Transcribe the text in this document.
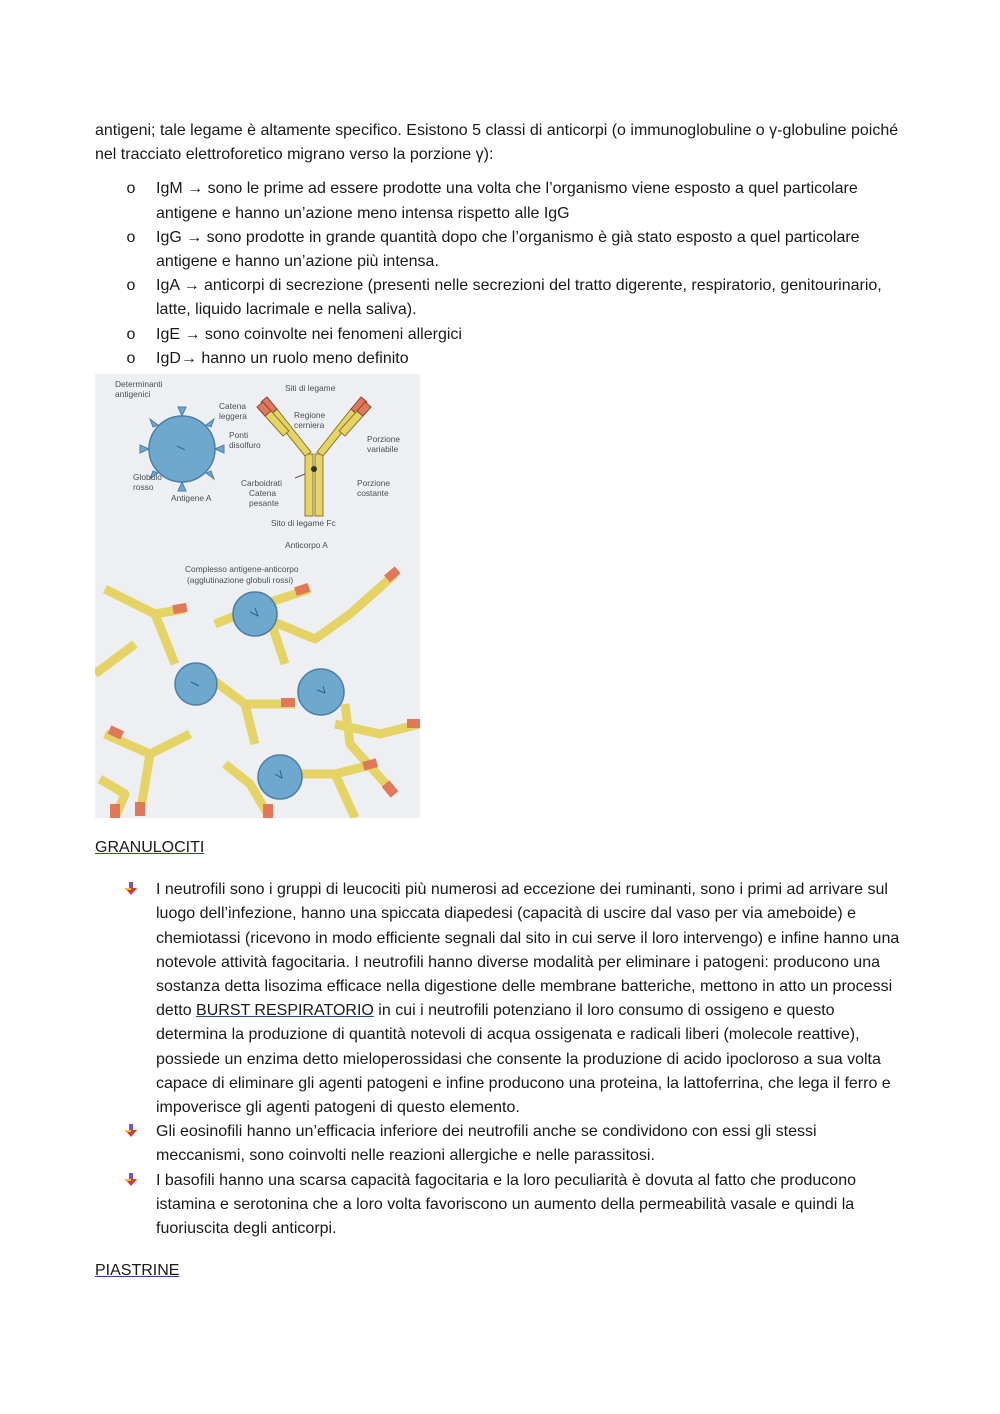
antigeni; tale legame è altamente specifico. Esistono 5 classi di anticorpi (o immunoglobuline o γ-globuline poiché nel tracciato elettroforetico migrano verso la porzione γ):

o IgM → sono le prime ad essere prodotte una volta che l’organismo viene esposto a quel particolare antigene e hanno un’azione meno intensa rispetto alle IgG
o IgG → sono prodotte in grande quantità dopo che l’organismo è già stato esposto a quel particolare antigene e hanno un’azione più intensa.
o IgA → anticorpi di secrezione (presenti nelle secrezioni del tratto digerente, respiratorio, genitourinario, latte, liquido lacrimale e nella saliva).
o IgE → sono coinvolte nei fenomeni allergici
o IgD→ hanno un ruolo meno definito
Determinanti
antigenici
Catena
leggera
Siti di legame
Regione
cerniera
Ponti
disolfuro
Porzione
variabile
Globulo
rosso	Carboidrati
Catena
pesante
Porzione
costante
Antigene A
Sito di legame Fc
Anticorpo A
Complesso antigene-anticorpo
(agglutinazione globuli rossi)

GRANULOCITI

I neutrofili sono i gruppi di leucociti più numerosi ad eccezione dei ruminanti, sono i primi ad arrivare sul luogo dell’infezione, hanno una spiccata diapedesi (capacità di uscire dal vaso per via ameboide) e chemiotassi (ricevono in modo efficiente segnali dal sito in cui serve il loro intervengo) e infine hanno una notevole attività fagocitaria. I neutrofili hanno diverse modalità per eliminare i patogeni: producono una sostanza detta lisozima efficace nella digestione delle membrane batteriche, mettono in atto un processi detto BURST RESPIRATORIO in cui i neutrofili potenziano il loro consumo di ossigeno e questo determina la produzione di quantità notevoli di acqua ossigenata e radicali liberi (molecole reattive), possiede un enzima detto mieloperossidasi che consente la produzione di acido ipocloroso a sua volta capace di eliminare gli agenti patogeni e infine producono una proteina, la lattoferrina, che lega il ferro e impoverisce gli agenti patogeni di questo elemento.
Gli eosinofili hanno un’efficacia inferiore dei neutrofili anche se condividono con essi gli stessi meccanismi, sono coinvolti nelle reazioni allergiche e nelle parassitosi.
I basofili hanno una scarsa capacità fagocitaria e la loro peculiarità è dovuta al fatto che producono istamina e serotonina che a loro volta favoriscono un aumento della permeabilità vasale e quindi la fuoriuscita degli anticorpi.

PIASTRINE
